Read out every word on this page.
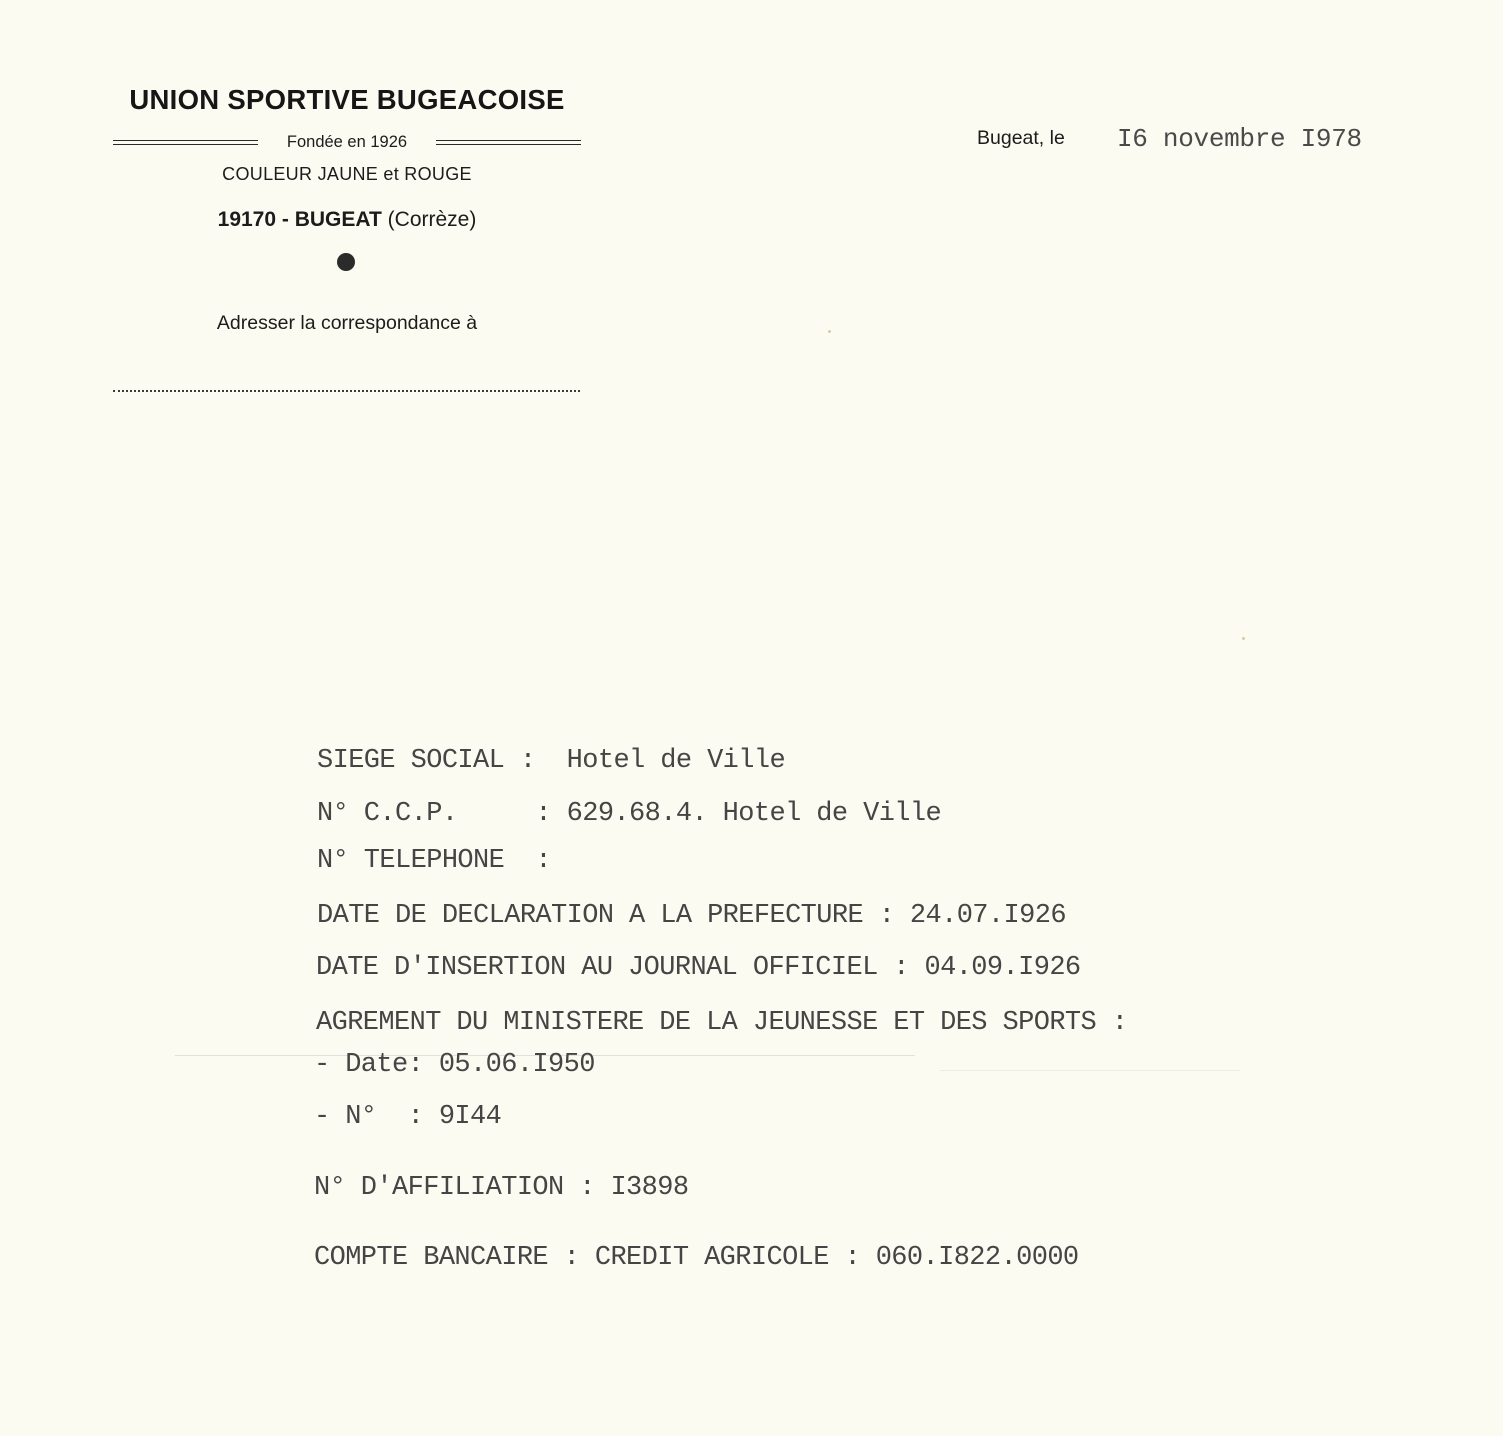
UNION SPORTIVE BUGEACOISE
Fondée en 1926
COULEUR JAUNE et ROUGE
19170 - BUGEAT (Corrèze)
Adresser la correspondance à
Bugeat, le I6 novembre I978
SIEGE SOCIAL :  Hotel de Ville
N° C.C.P.     : 629.68.4. Hotel de Ville
N° TELEPHONE  :
DATE DE DECLARATION A LA PREFECTURE : 24.07.I926
DATE D'INSERTION AU JOURNAL OFFICIEL : 04.09.I926
AGREMENT DU MINISTERE DE LA JEUNESSE ET DES SPORTS :
- Date: 05.06.I950
- N°  : 9I44
N° D'AFFILIATION : I3898
COMPTE BANCAIRE : CREDIT AGRICOLE : 060.I822.0000
